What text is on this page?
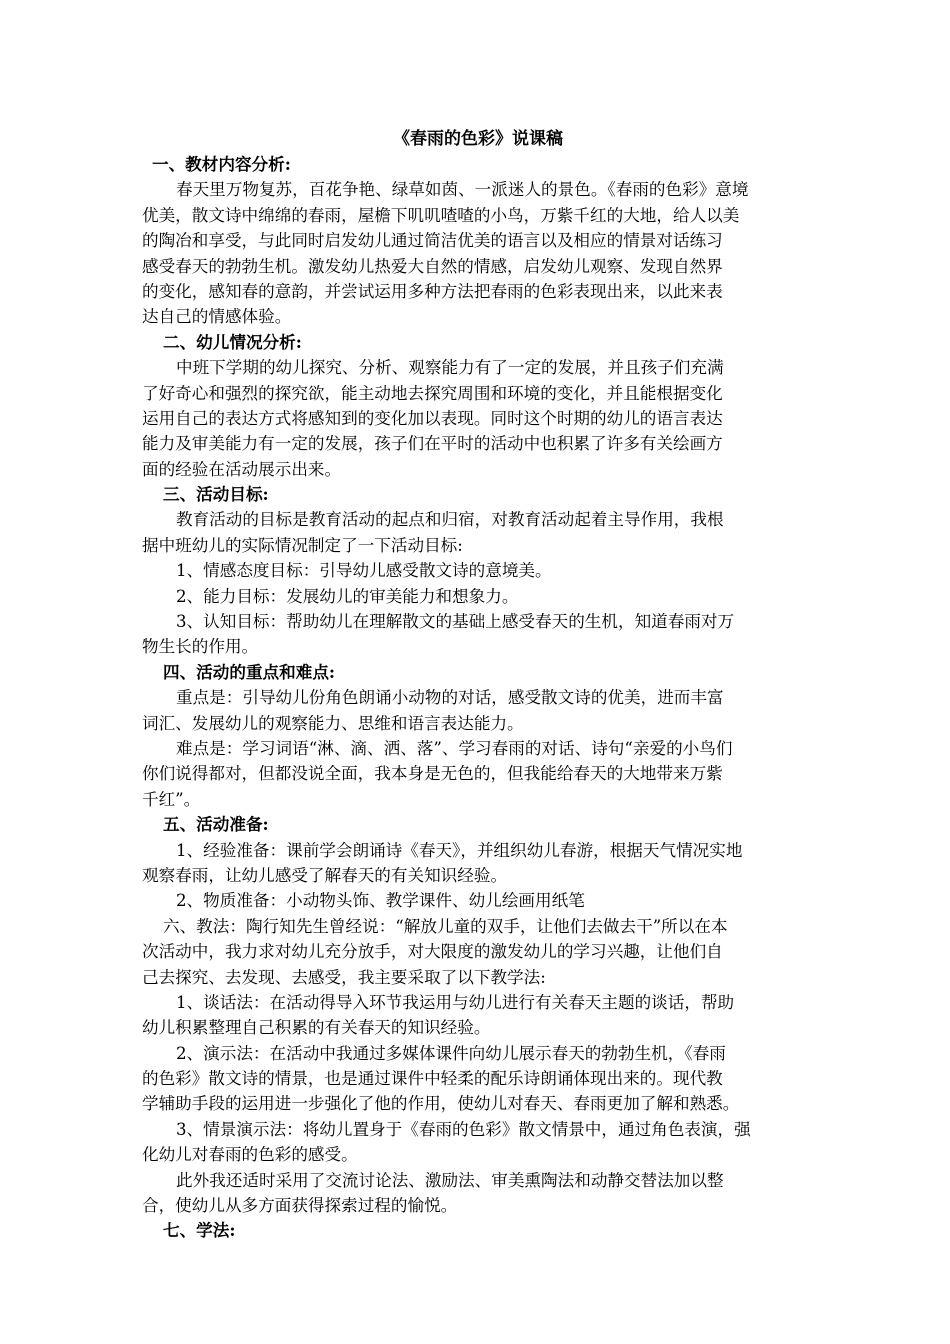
《春雨的色彩》说课稿
一、教材内容分析:
春天里万物复苏，百花争艳、绿草如茵、一派迷人的景色。《春雨的色彩》意境
优美，散文诗中绵绵的春雨，屋檐下叽叽喳喳的小鸟，万紫千红的大地，给人以美
的陶冶和享受，与此同时启发幼儿通过简洁优美的语言以及相应的情景对话练习
感受春天的勃勃生机。激发幼儿热爱大自然的情感，启发幼儿观察、发现自然界
的变化，感知春的意韵，并尝试运用多种方法把春雨的色彩表现出来，以此来表
达自己的情感体验。
二、幼儿情况分析:
中班下学期的幼儿探究、分析、观察能力有了一定的发展，并且孩子们充满
了好奇心和强烈的探究欲，能主动地去探究周围和环境的变化，并且能根据变化
运用自己的表达方式将感知到的变化加以表现。同时这个时期的幼儿的语言表达
能力及审美能力有一定的发展，孩子们在平时的活动中也积累了许多有关绘画方
面的经验在活动展示出来。
三、活动目标:
教育活动的目标是教育活动的起点和归宿，对教育活动起着主导作用，我根
据中班幼儿的实际情况制定了一下活动目标:
1、情感态度目标：引导幼儿感受散文诗的意境美。
2、能力目标：发展幼儿的审美能力和想象力。
3、认知目标：帮助幼儿在理解散文的基础上感受春天的生机，知道春雨对万
物生长的作用。
四、活动的重点和难点:
重点是：引导幼儿份角色朗诵小动物的对话，感受散文诗的优美，进而丰富
词汇、发展幼儿的观察能力、思维和语言表达能力。
难点是：学习词语“淋、滴、洒、落”、学习春雨的对话、诗句“亲爱的小鸟们
你们说得都对，但都没说全面，我本身是无色的，但我能给春天的大地带来万紫
千红”。
五、活动准备:
1、经验准备：课前学会朗诵诗《春天》，并组织幼儿春游，根据天气情况实地
观察春雨，让幼儿感受了解春天的有关知识经验。
2、物质准备：小动物头饰、教学课件、幼儿绘画用纸笔
六、教法：陶行知先生曾经说：“解放儿童的双手，让他们去做去干”所以在本
次活动中，我力求对幼儿充分放手，对大限度的激发幼儿的学习兴趣，让他们自
己去探究、去发现、去感受，我主要采取了以下教学法:
1、谈话法：在活动得导入环节我运用与幼儿进行有关春天主题的谈话，帮助
幼儿积累整理自己积累的有关春天的知识经验。
2、演示法：在活动中我通过多媒体课件向幼儿展示春天的勃勃生机，《春雨
的色彩》散文诗的情景，也是通过课件中轻柔的配乐诗朗诵体现出来的。现代教
学辅助手段的运用进一步强化了他的作用，使幼儿对春天、春雨更加了解和熟悉。
3、情景演示法：将幼儿置身于《春雨的色彩》散文情景中，通过角色表演，强
化幼儿对春雨的色彩的感受。
此外我还适时采用了交流讨论法、激励法、审美熏陶法和动静交替法加以整
合，使幼儿从多方面获得探索过程的愉悦。
七、学法:
